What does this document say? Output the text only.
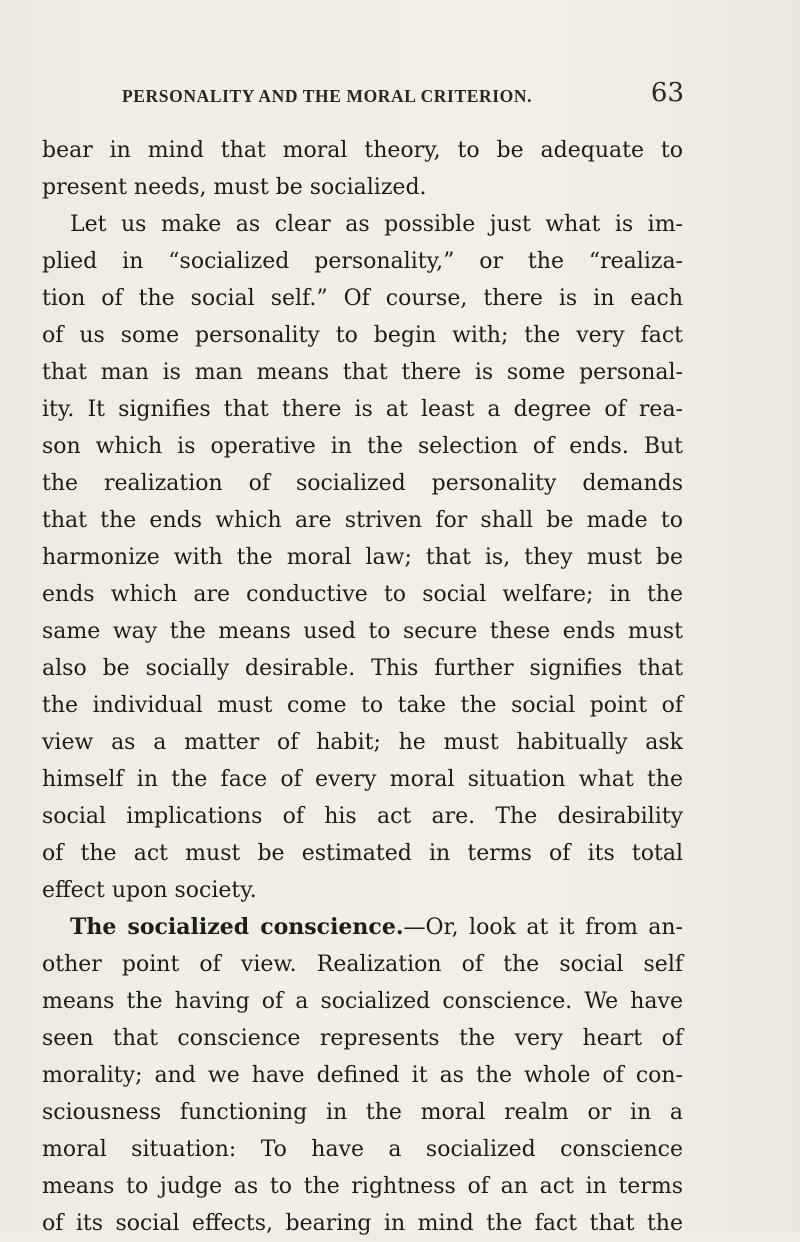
PERSONALITY AND THE MORAL CRITERION.	63
bear in mind that moral theory, to be adequate to
present needs, must be socialized.
Let us make as clear as possible just what is im-
plied in “socialized personality,” or the “realiza-
tion of the social self.” Of course, there is in each
of us some personality to begin with; the very fact
that man is man means that there is some personal-
ity. It signifies that there is at least a degree of rea-
son which is operative in the selection of ends. But
the realization of socialized personality demands
that the ends which are striven for shall be made to
harmonize with the moral law; that is, they must be
ends which are conductive to social welfare; in the
same way the means used to secure these ends must
also be socially desirable. This further signifies that
the individual must come to take the social point of
view as a matter of habit; he must habitually ask
himself in the face of every moral situation what the
social implications of his act are. The desirability
of the act must be estimated in terms of its total
effect upon society.
The socialized conscience.—Or, look at it from an-
other point of view. Realization of the social self
means the having of a socialized conscience. We have
seen that conscience represents the very heart of
morality; and we have defined it as the whole of con-
sciousness functioning in the moral realm or in a
moral situation: To have a socialized conscience
means to judge as to the rightness of an act in terms
of its social effects, bearing in mind the fact that the
